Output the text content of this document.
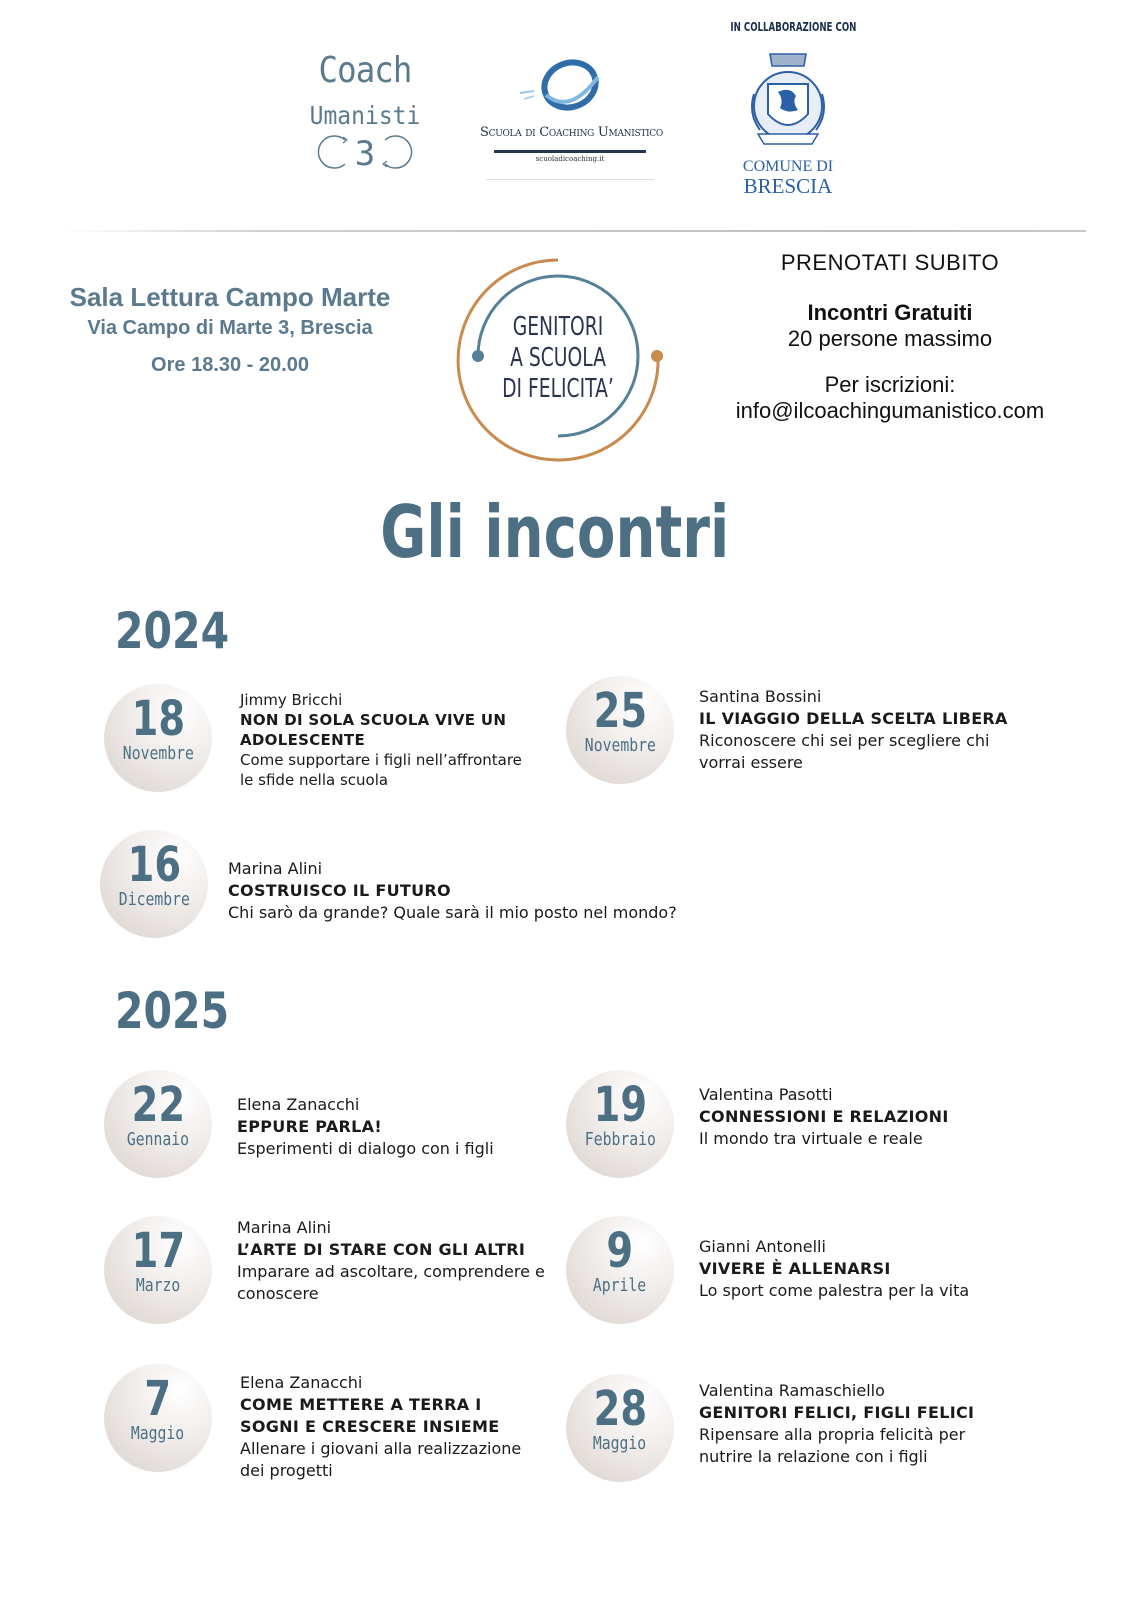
Coach
Umanisti
3
Scuola di Coaching Umanistico
scuoladicoaching.it
IN COLLABORAZIONE CON
COMUNE DI
BRESCIA
Sala Lettura Campo Marte
Via Campo di Marte 3, Brescia
Ore 18.30 - 20.00
GENITORI
A SCUOLA
DI FELICITA’
PRENOTATI SUBITO
Incontri Gratuiti
20 persone massimo
Per iscrizioni:
info@ilcoachingumanistico.com
Gli incontri
2024
18
Novembre
Jimmy Bricchi
NON DI SOLA SCUOLA VIVE UN ADOLESCENTE
Come supportare i figli nell’affrontare le sfide nella scuola
25
Novembre
Santina Bossini
IL VIAGGIO DELLA SCELTA LIBERA
Riconoscere chi sei per scegliere chi vorrai essere
16
Dicembre
Marina Alini
COSTRUISCO IL FUTURO
Chi sarò da grande? Quale sarà il mio posto nel mondo?
2025
22
Gennaio
Elena Zanacchi
EPPURE PARLA!
Esperimenti di dialogo con i figli
19
Febbraio
Valentina Pasotti
CONNESSIONI E RELAZIONI
Il mondo tra virtuale e reale
17
Marzo
Marina Alini
L’ARTE DI STARE CON GLI ALTRI
Imparare ad ascoltare, comprendere e conoscere
9
Aprile
Gianni Antonelli
VIVERE È ALLENARSI
Lo sport come palestra per la vita
7
Maggio
Elena Zanacchi
COME METTERE A TERRA I SOGNI E CRESCERE INSIEME
Allenare i giovani alla realizzazione dei progetti
28
Maggio
Valentina Ramaschiello
GENITORI FELICI, FIGLI FELICI
Ripensare alla propria felicità per nutrire la relazione con i figli
